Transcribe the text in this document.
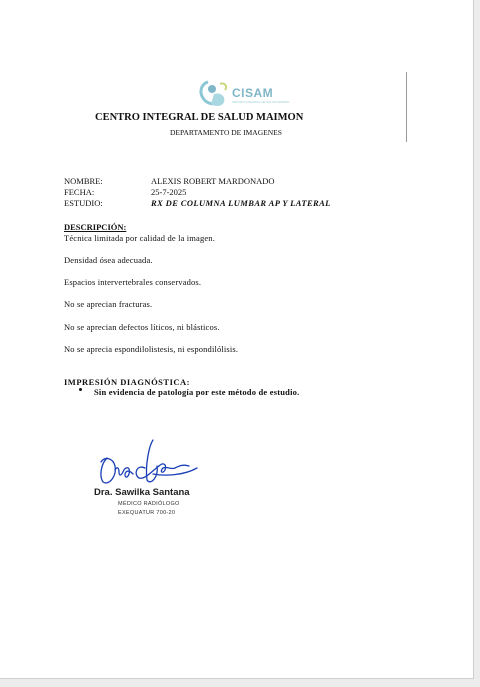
CISAM
CENTRO INTEGRAL DE SALUD MAIMON
CENTRO INTEGRAL DE SALUD MAIMON
DEPARTAMENTO DE IMAGENES
NOMBRE:	ALEXIS ROBERT MARDONADO
FECHA:	25-7-2025
ESTUDIO:	RX DE COLUMNA LUMBAR AP Y LATERAL
DESCRIPCIÓN:
Técnica limitada por calidad de la imagen.
Densidad ósea adecuada.
Espacios intervertebrales conservados.
No se aprecian fracturas.
No se aprecian defectos líticos, ni blásticos.
No se aprecia espondilolistesis, ni espondilólisis.
IMPRESIÓN DIAGNÓSTICA:
Sin evidencia de patología por este método de estudio.
Dra. Sawilka Santana
MÉDICO RADIÓLOGO
EXEQUATUR 700-20
